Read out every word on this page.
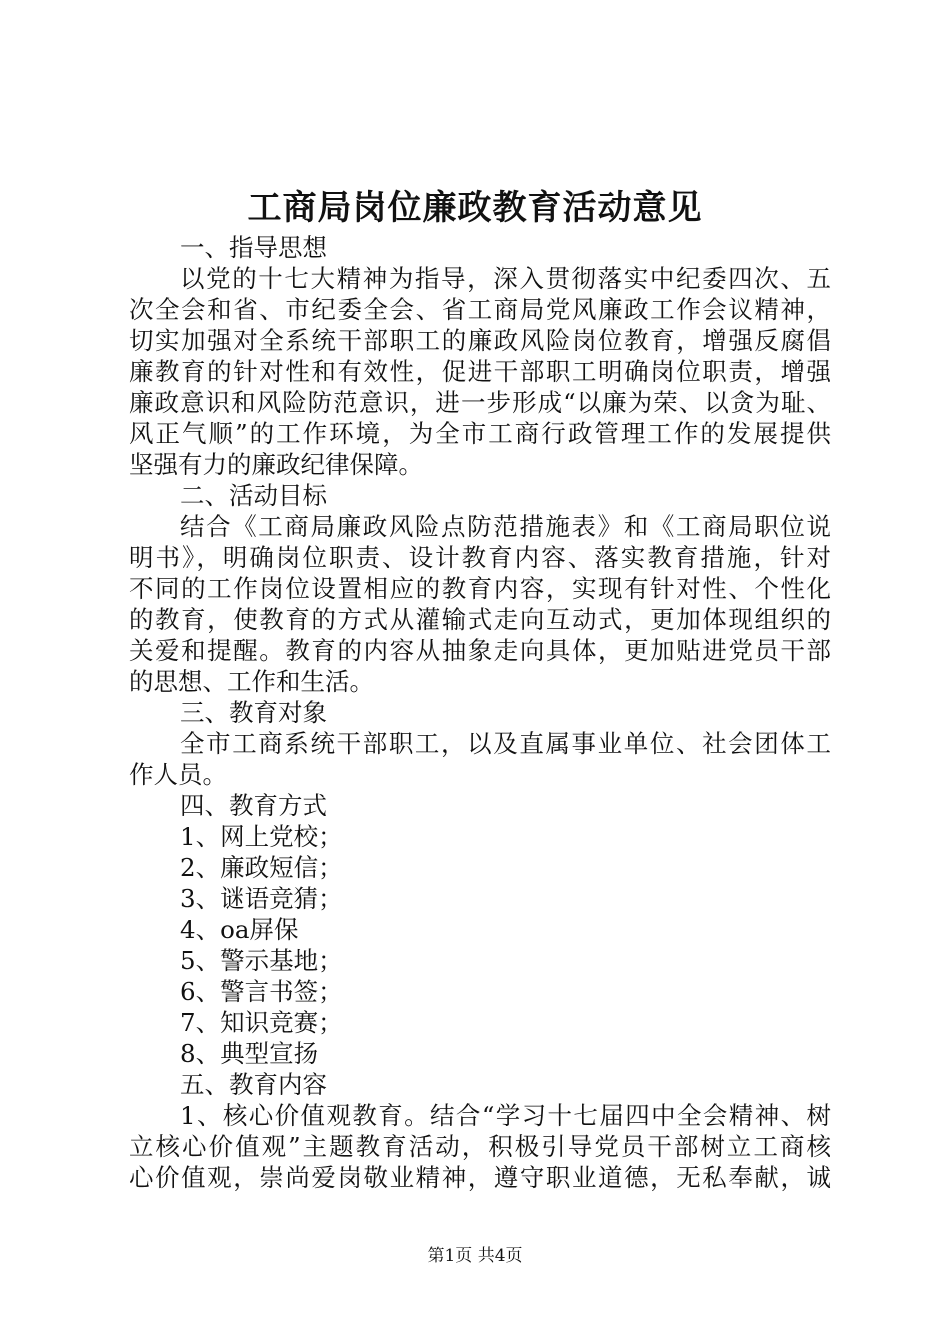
工商局岗位廉政教育活动意见
一、指导思想
以党的十七大精神为指导，深入贯彻落实中纪委四次、五
次全会和省、市纪委全会、省工商局党风廉政工作会议精神，
切实加强对全系统干部职工的廉政风险岗位教育，增强反腐倡
廉教育的针对性和有效性，促进干部职工明确岗位职责，增强
廉政意识和风险防范意识，进一步形成“以廉为荣、以贪为耻、
风正气顺”的工作环境，为全市工商行政管理工作的发展提供
坚强有力的廉政纪律保障。
二、活动目标
结合《工商局廉政风险点防范措施表》和《工商局职位说
明书》，明确岗位职责、设计教育内容、落实教育措施，针对
不同的工作岗位设置相应的教育内容，实现有针对性、个性化
的教育，使教育的方式从灌输式走向互动式，更加体现组织的
关爱和提醒。教育的内容从抽象走向具体，更加贴进党员干部
的思想、工作和生活。
三、教育对象
全市工商系统干部职工，以及直属事业单位、社会团体工
作人员。
四、教育方式
1、网上党校；
2、廉政短信；
3、谜语竞猜；
4、oa屏保
5、警示基地；
6、警言书签；
7、知识竞赛；
8、典型宣扬
五、教育内容
1、核心价值观教育。结合“学习十七届四中全会精神、树
立核心价值观”主题教育活动，积极引导党员干部树立工商核
心价值观，崇尚爱岗敬业精神，遵守职业道德，无私奉献，诚
第1页 共4页
